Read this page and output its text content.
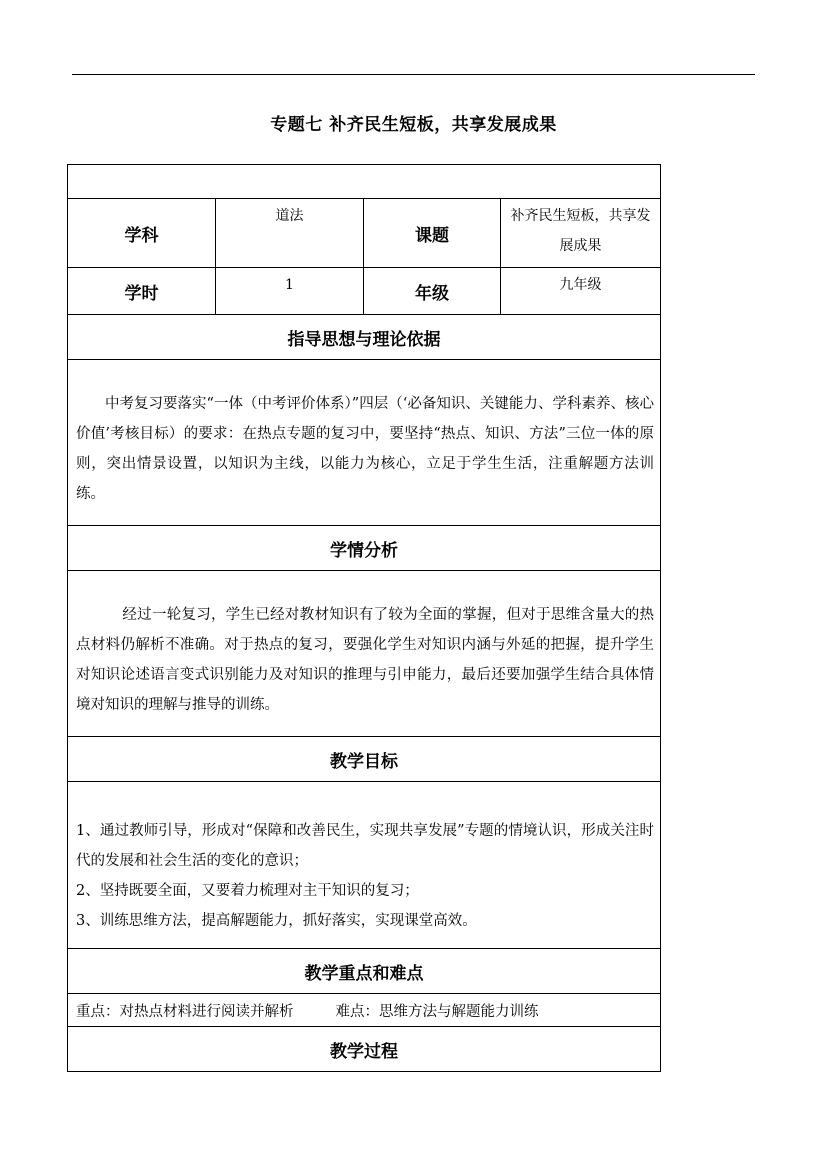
专题七 补齐民生短板，共享发展成果

学科	道法	课题	补齐民生短板，共享发展成果
学时	1	年级	九年级
指导思想与理论依据			

中考复习要落实“一体（中考评价体系）”四层（‘必备知识、关键能力、学科素养、核心价值’考核目标）的要求：在热点专题的复习中，要坚持“热点、知识、方法”三位一体的原则，突出情景设置，以知识为主线，以能力为核心，立足于学生生活，注重解题方法训练。			

学情分析			

经过一轮复习，学生已经对教材知识有了较为全面的掌握，但对于思维含量大的热点材料仍解析不准确。对于热点的复习，要强化学生对知识内涵与外延的把握，提升学生对知识论述语言变式识别能力及对知识的推理与引申能力，最后还要加强学生结合具体情境对知识的理解与推导的训练。			

教学目标			

1、通过教师引导，形成对“保障和改善民生，实现共享发展”专题的情境认识，形成关注时代的发展和社会生活的变化的意识；
2、坚持既要全面，又要着力梳理对主干知识的复习；
3、训练思维方法，提高解题能力，抓好落实，实现课堂高效。			

教学重点和难点			
重点：对热点材料进行阅读并解析 难点：思维方法与解题能力训练			
教学过程			
